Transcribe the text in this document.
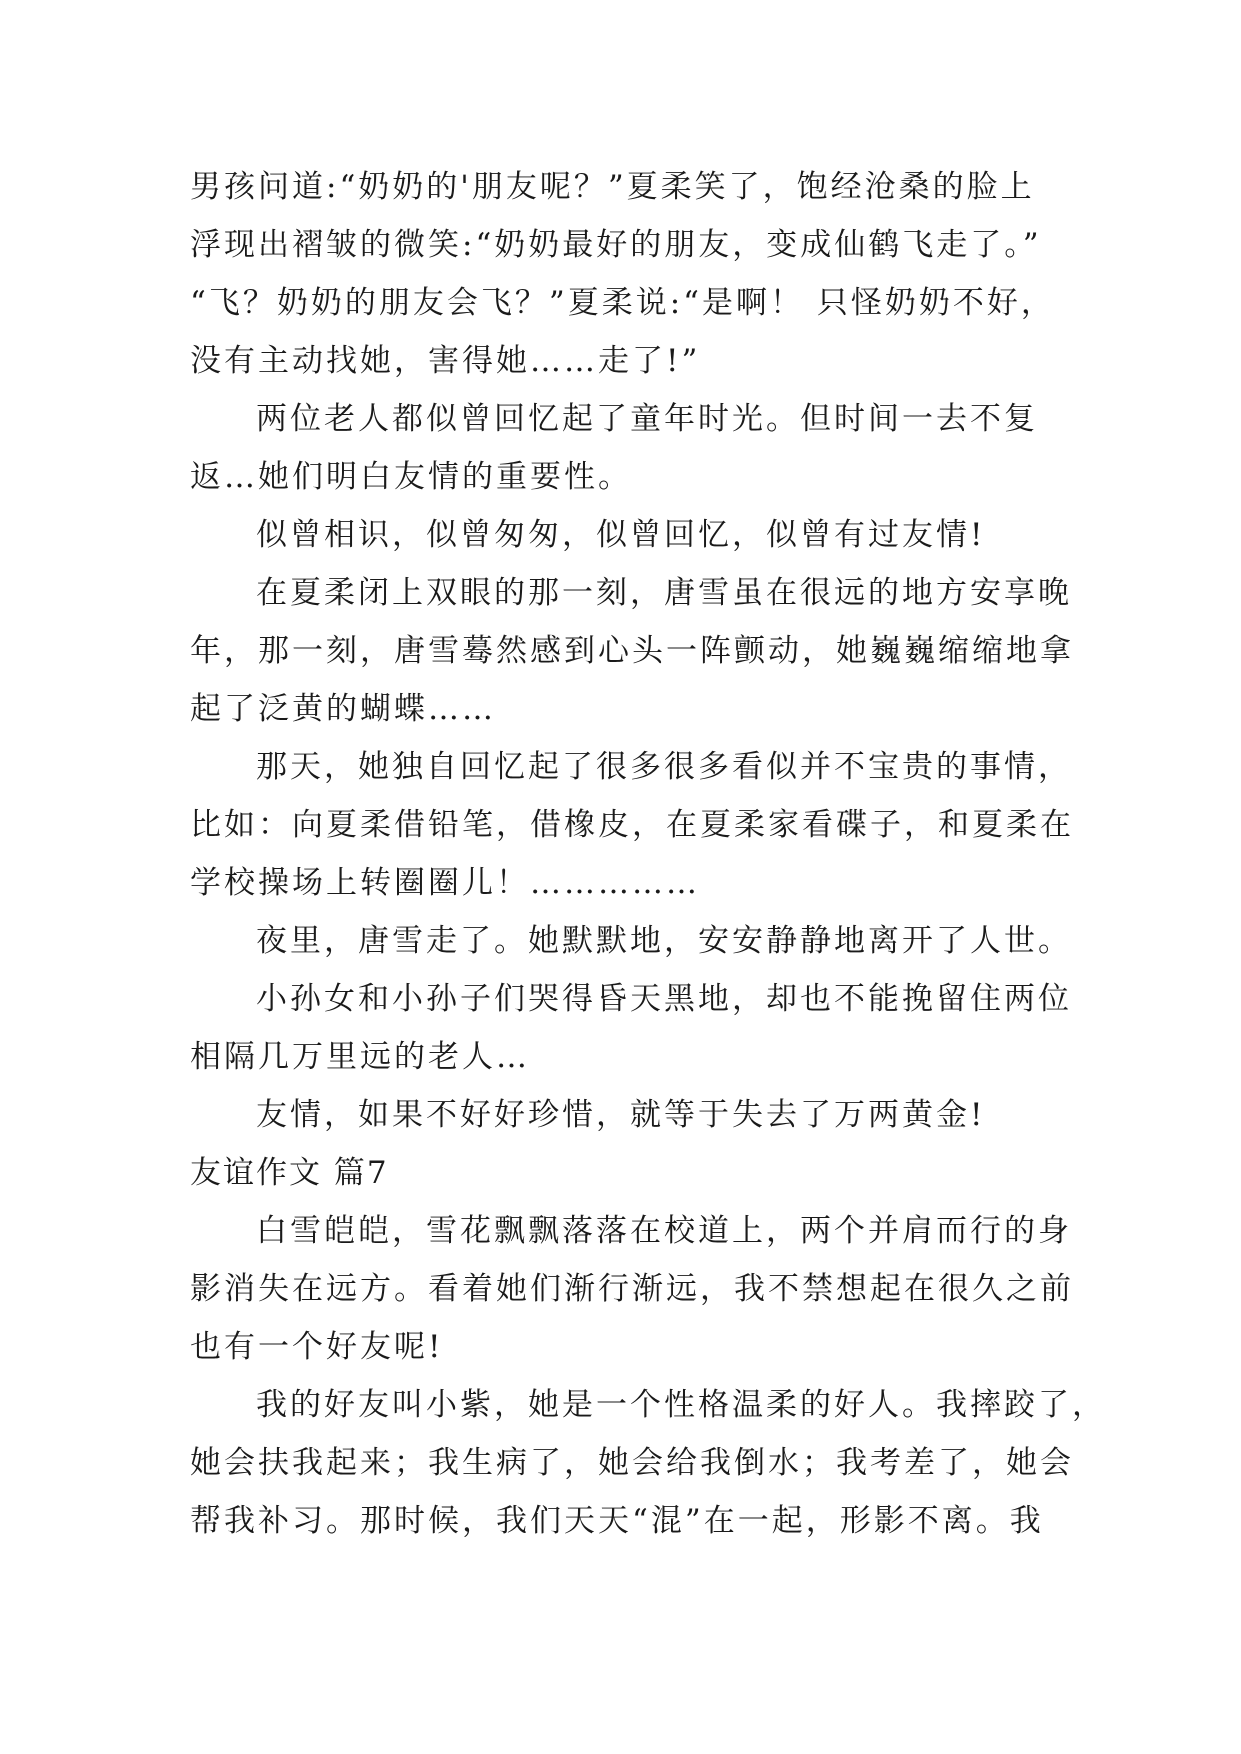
男孩问道:“奶奶的'朋友呢？”夏柔笑了，饱经沧桑的脸上
浮现出褶皱的微笑:“奶奶最好的朋友，变成仙鹤飞走了。”
“飞？奶奶的朋友会飞？”夏柔说:“是啊！ 只怪奶奶不好，
没有主动找她，害得她……走了!”
两位老人都似曾回忆起了童年时光。但时间一去不复
返…她们明白友情的重要性。
似曾相识，似曾匆匆，似曾回忆，似曾有过友情!
在夏柔闭上双眼的那一刻，唐雪虽在很远的地方安享晚
年，那一刻，唐雪蓦然感到心头一阵颤动，她巍巍缩缩地拿
起了泛黄的蝴蝶……
那天，她独自回忆起了很多很多看似并不宝贵的事情，
比如：向夏柔借铅笔，借橡皮，在夏柔家看碟子，和夏柔在
学校操场上转圈圈儿！……………
夜里，唐雪走了。她默默地，安安静静地离开了人世。
小孙女和小孙子们哭得昏天黑地，却也不能挽留住两位
相隔几万里远的老人…
友情，如果不好好珍惜，就等于失去了万两黄金!
友谊作文 篇7
白雪皑皑，雪花飘飘落落在校道上，两个并肩而行的身
影消失在远方。看着她们渐行渐远，我不禁想起在很久之前
也有一个好友呢!
我的好友叫小紫，她是一个性格温柔的好人。我摔跤了，
她会扶我起来；我生病了，她会给我倒水；我考差了，她会
帮我补习。那时候，我们天天“混”在一起，形影不离。我
